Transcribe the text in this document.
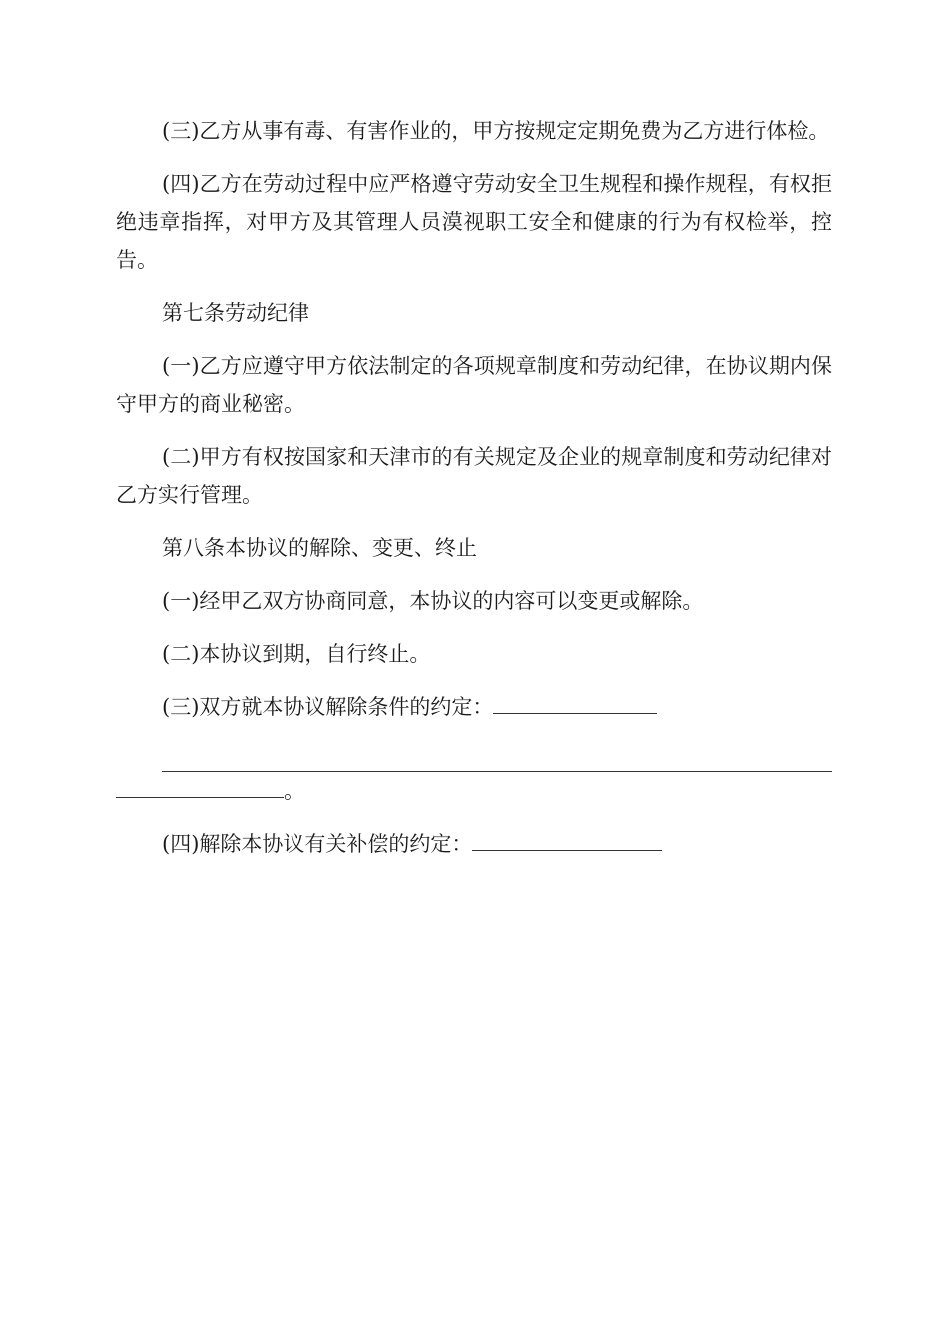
(三)乙方从事有毒、有害作业的，甲方按规定定期免费为乙方进行体检。

(四)乙方在劳动过程中应严格遵守劳动安全卫生规程和操作规程，有权拒绝违章指挥，对甲方及其管理人员漠视职工安全和健康的行为有权检举，控告。

第七条劳动纪律

(一)乙方应遵守甲方依法制定的各项规章制度和劳动纪律，在协议期内保守甲方的商业秘密。

(二)甲方有权按国家和天津市的有关规定及企业的规章制度和劳动纪律对乙方实行管理。

第八条本协议的解除、变更、终止

(一)经甲乙双方协商同意，本协议的内容可以变更或解除。

(二)本协议到期，自行终止。

(三)双方就本协议解除条件的约定：

。

(四)解除本协议有关补偿的约定：
